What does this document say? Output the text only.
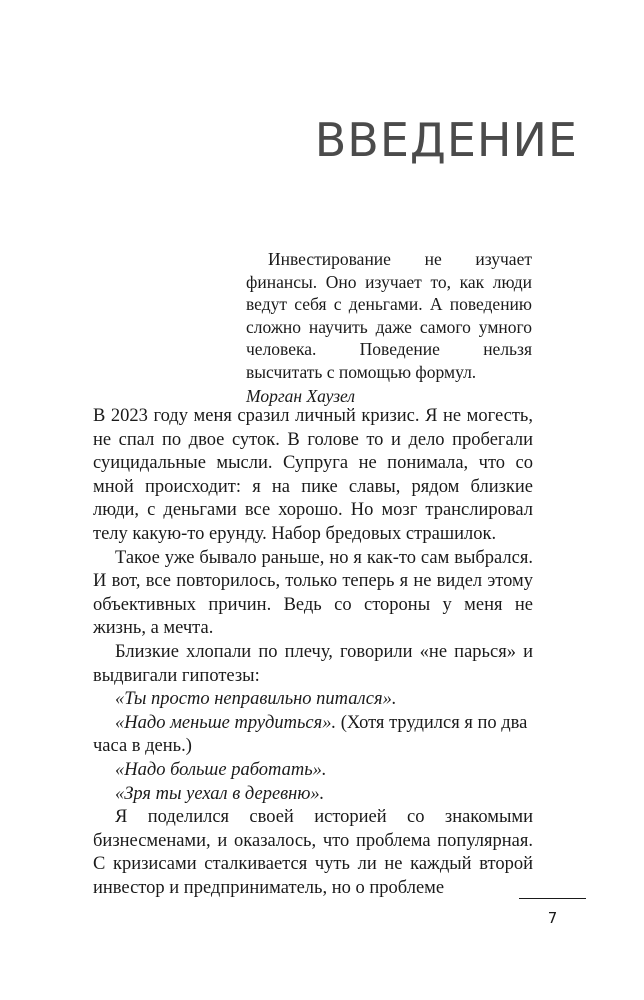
ВВЕДЕНИЕ

Инвестирование не изучает финансы. Оно изучает то, как люди ведут себя с деньгами. А поведению сложно научить даже самого умного человека. Поведение нельзя высчитать с помощью формул.

Морган Хаузел

В 2023 году меня сразил личный кризис. Я не могесть, не спал по двое суток. В голове то и дело пробегали суицидальные мысли. Супруга не понимала, что со мной происходит: я на пике славы, рядом близкие люди, с деньгами все хорошо. Но мозг транслировал телу какую-то ерунду. Набор бредовых страшилок.

Такое уже бывало раньше, но я как-то сам выбрался. И вот, все повторилось, только теперь я не видел этому объективных причин. Ведь со стороны у меня не жизнь, а мечта.

Близкие хлопали по плечу, говорили «не парься» и выдвигали гипотезы:

«Ты просто неправильно питался».

«Надо меньше трудиться». (Хотя трудился я по два часа в день.)

«Надо больше работать».

«Зря ты уехал в деревню».

Я поделился своей историей со знакомыми бизнесменами, и оказалось, что проблема популярная. С кризисами сталкивается чуть ли не каждый второй инвестор и предприниматель, но о проблеме

7
